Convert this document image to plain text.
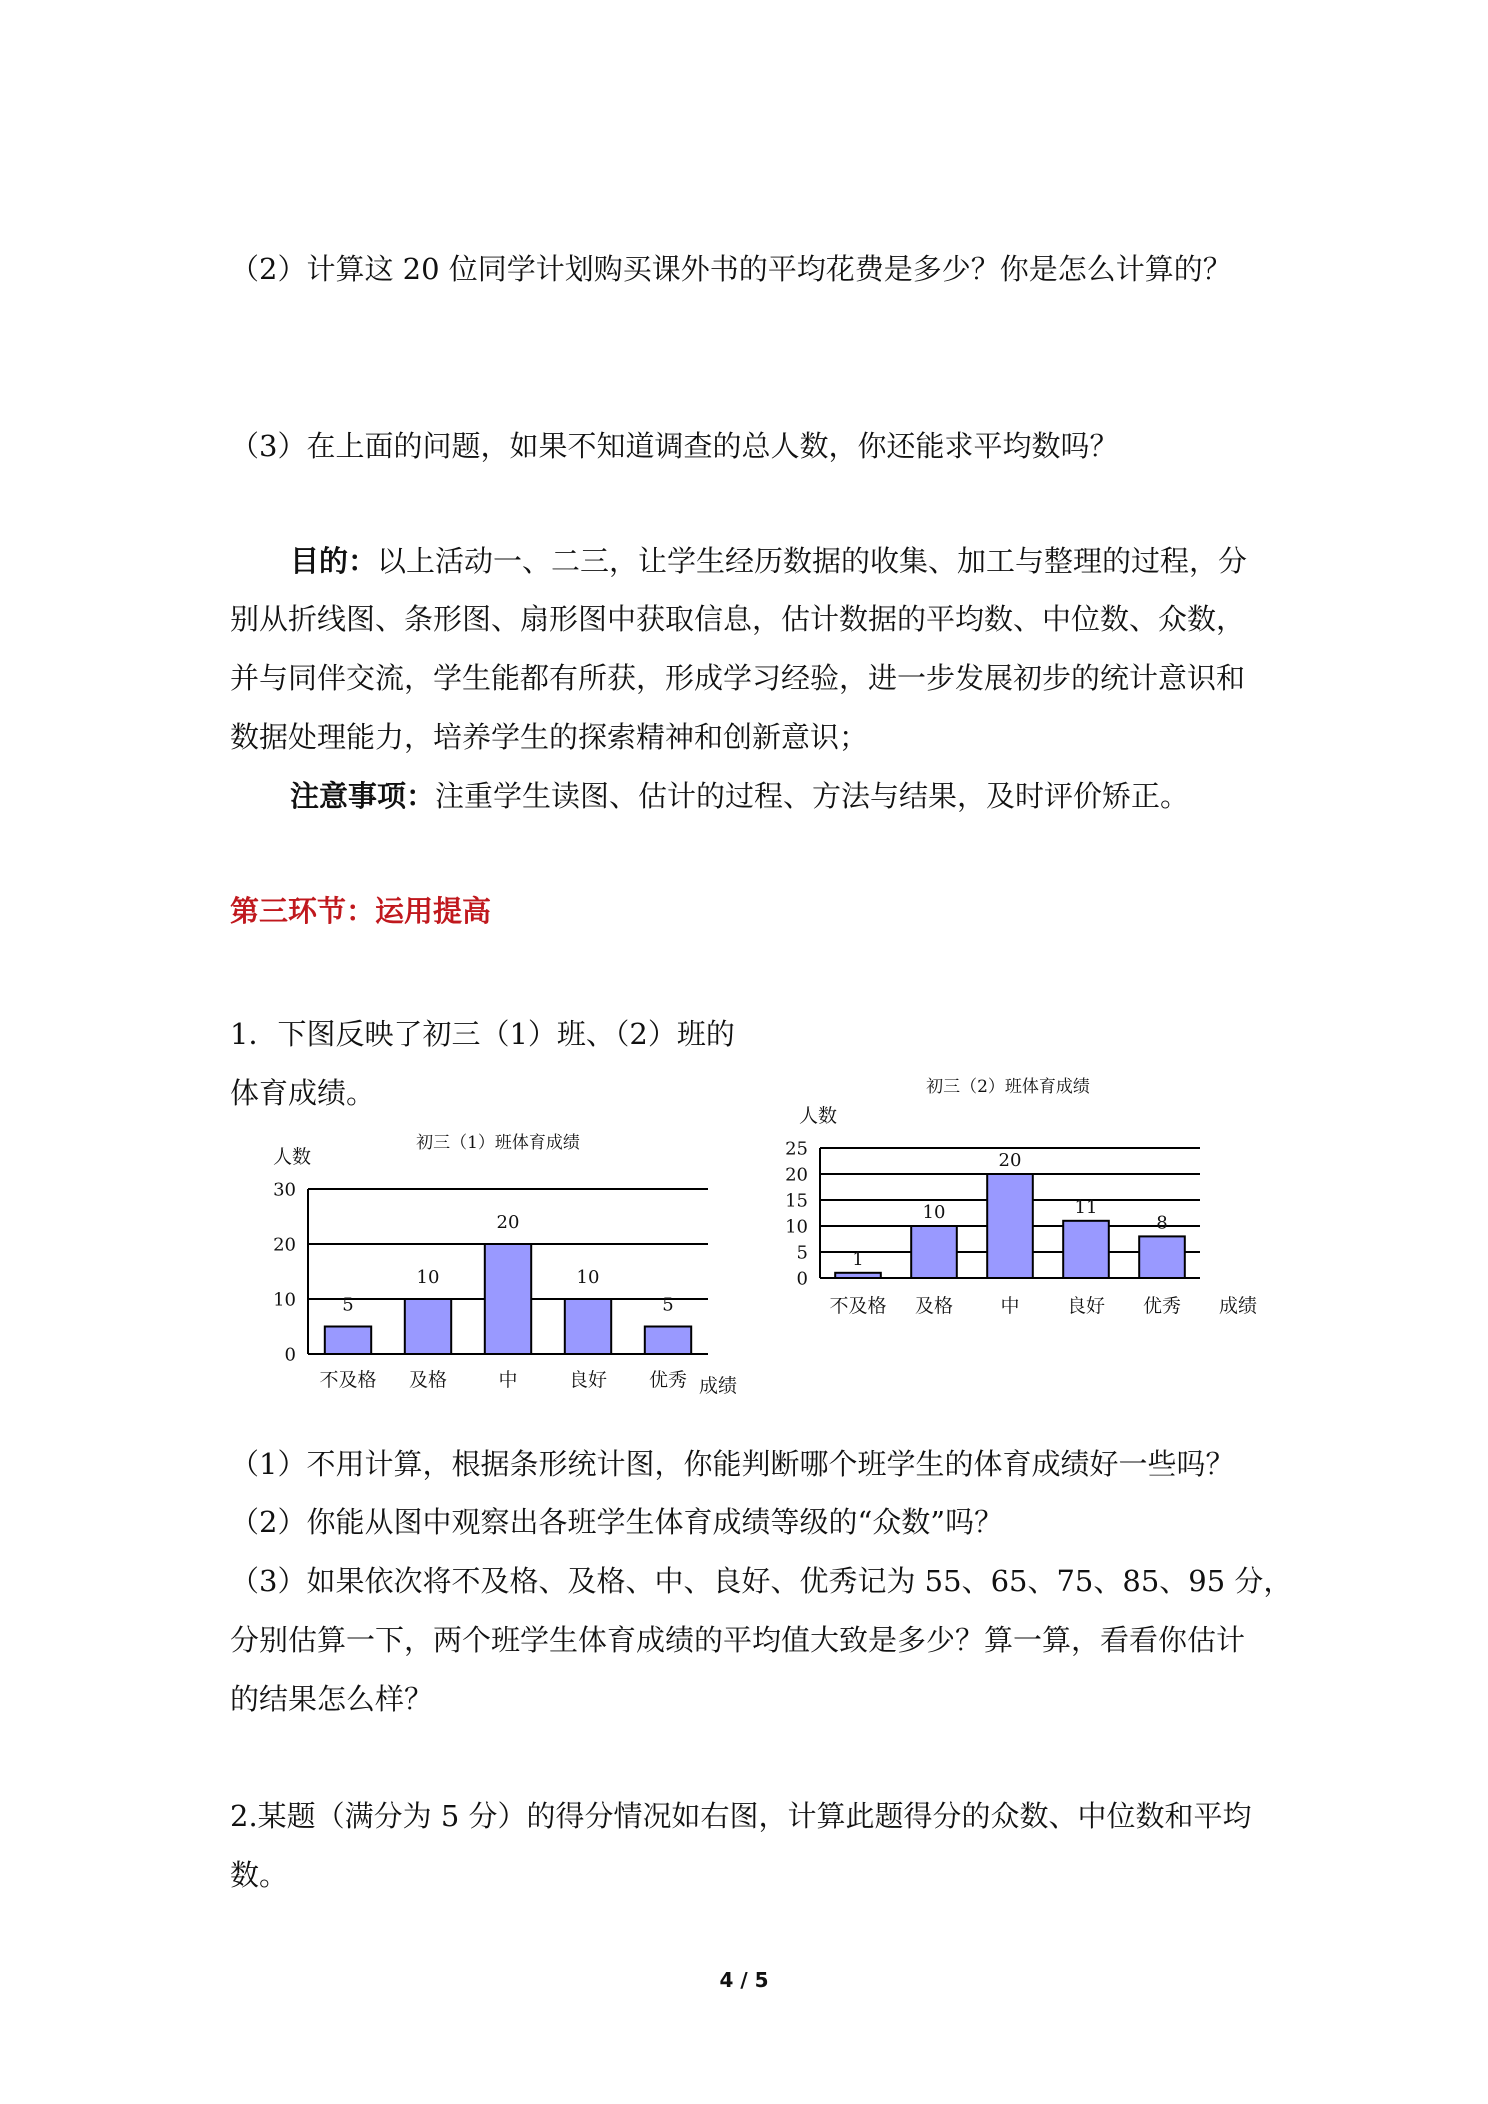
（2）计算这 20 位同学计划购买课外书的平均花费是多少？你是怎么计算的？
（3）在上面的问题，如果不知道调查的总人数，你还能求平均数吗？
目的：以上活动一、二三，让学生经历数据的收集、加工与整理的过程，分
别从折线图、条形图、扇形图中获取信息，估计数据的平均数、中位数、众数，
并与同伴交流，学生能都有所获，形成学习经验，进一步发展初步的统计意识和
数据处理能力，培养学生的探索精神和创新意识；
注意事项：注重学生读图、估计的过程、方法与结果，及时评价矫正。
第三环节：运用提高
1．下图反映了初三（1）班、（2）班的
体育成绩。
初三（1）班体育成绩
人数
0
10
20
30
5
不及格
10
及格
20
中
10
良好
5
优秀 成绩
初三（2）班体育成绩
人数
0
5
10
15
20
25
1
不及格
10
及格
20
中
11
良好
8
优秀 成绩
（1）不用计算，根据条形统计图，你能判断哪个班学生的体育成绩好一些吗？
（2）你能从图中观察出各班学生体育成绩等级的“众数”吗？
（3）如果依次将不及格、及格、中、良好、优秀记为 55、65、75、85、95 分，
分别估算一下，两个班学生体育成绩的平均值大致是多少？算一算，看看你估计
的结果怎么样？
2.某题（满分为 5 分）的得分情况如右图，计算此题得分的众数、中位数和平均
数。
4 / 5
